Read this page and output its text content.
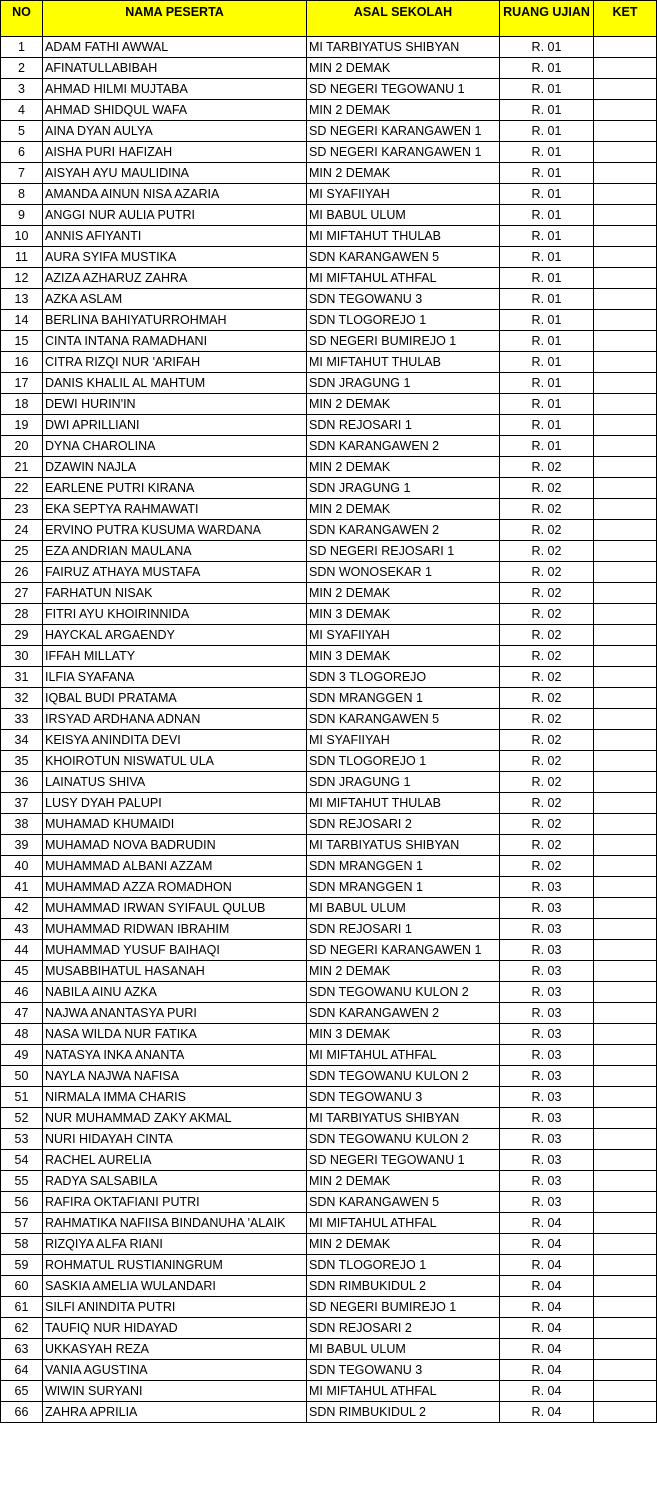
NO	NAMA PESERTA	ASAL SEKOLAH	RUANG UJIAN	KET
1	ADAM FATHI AWWAL	MI TARBIYATUS SHIBYAN	R. 01	
2	AFINATULLABIBAH	MIN 2 DEMAK	R. 01	
3	AHMAD HILMI MUJTABA	SD NEGERI TEGOWANU 1	R. 01	
4	AHMAD SHIDQUL WAFA	MIN 2 DEMAK	R. 01	
5	AINA DYAN AULYA	SD NEGERI KARANGAWEN 1	R. 01	
6	AISHA PURI HAFIZAH	SD NEGERI KARANGAWEN 1	R. 01	
7	AISYAH AYU MAULIDINA	MIN 2 DEMAK	R. 01	
8	AMANDA AINUN NISA AZARIA	MI SYAFIIYAH	R. 01	
9	ANGGI NUR AULIA PUTRI	MI BABUL ULUM	R. 01	
10	ANNIS AFIYANTI	MI MIFTAHUT THULAB	R. 01	
11	AURA SYIFA MUSTIKA	SDN KARANGAWEN 5	R. 01	
12	AZIZA AZHARUZ ZAHRA	MI MIFTAHUL ATHFAL	R. 01	
13	AZKA ASLAM	SDN TEGOWANU 3	R. 01	
14	BERLINA BAHIYATURROHMAH	SDN TLOGOREJO 1	R. 01	
15	CINTA INTANA RAMADHANI	SD NEGERI BUMIREJO 1	R. 01	
16	CITRA RIZQI NUR 'ARIFAH	MI MIFTAHUT THULAB	R. 01	
17	DANIS KHALIL AL MAHTUM	SDN JRAGUNG 1	R. 01	
18	DEWI HURIN'IN	MIN 2 DEMAK	R. 01	
19	DWI APRILLIANI	SDN REJOSARI 1	R. 01	
20	DYNA CHAROLINA	SDN KARANGAWEN 2	R. 01	
21	DZAWIN NAJLA	MIN 2 DEMAK	R. 02	
22	EARLENE PUTRI KIRANA	SDN JRAGUNG 1	R. 02	
23	EKA SEPTYA RAHMAWATI	MIN 2 DEMAK	R. 02	
24	ERVINO PUTRA KUSUMA WARDANA	SDN KARANGAWEN 2	R. 02	
25	EZA ANDRIAN MAULANA	SD NEGERI REJOSARI 1	R. 02	
26	FAIRUZ ATHAYA MUSTAFA	SDN WONOSEKAR 1	R. 02	
27	FARHATUN NISAK	MIN 2 DEMAK	R. 02	
28	FITRI AYU KHOIRINNIDA	MIN 3 DEMAK	R. 02	
29	HAYCKAL ARGAENDY	MI SYAFIIYAH	R. 02	
30	IFFAH MILLATY	MIN 3 DEMAK	R. 02	
31	ILFIA SYAFANA	SDN 3 TLOGOREJO	R. 02	
32	IQBAL BUDI PRATAMA	SDN MRANGGEN 1	R. 02	
33	IRSYAD ARDHANA ADNAN	SDN KARANGAWEN 5	R. 02	
34	KEISYA ANINDITA DEVI	MI SYAFIIYAH	R. 02	
35	KHOIROTUN NISWATUL ULA	SDN TLOGOREJO 1	R. 02	
36	LAINATUS SHIVA	SDN JRAGUNG 1	R. 02	
37	LUSY DYAH PALUPI	MI MIFTAHUT THULAB	R. 02	
38	MUHAMAD KHUMAIDI	SDN REJOSARI 2	R. 02	
39	MUHAMAD NOVA BADRUDIN	MI TARBIYATUS SHIBYAN	R. 02	
40	MUHAMMAD ALBANI AZZAM	SDN MRANGGEN 1	R. 02	
41	MUHAMMAD AZZA ROMADHON	SDN MRANGGEN 1	R. 03	
42	MUHAMMAD IRWAN SYIFAUL QULUB	MI BABUL ULUM	R. 03	
43	MUHAMMAD RIDWAN IBRAHIM	SDN REJOSARI 1	R. 03	
44	MUHAMMAD YUSUF BAIHAQI	SD NEGERI KARANGAWEN 1	R. 03	
45	MUSABBIHATUL HASANAH	MIN 2 DEMAK	R. 03	
46	NABILA AINU AZKA	SDN TEGOWANU KULON 2	R. 03	
47	NAJWA ANANTASYA PURI	SDN KARANGAWEN 2	R. 03	
48	NASA WILDA NUR FATIKA	MIN 3 DEMAK	R. 03	
49	NATASYA INKA ANANTA	MI MIFTAHUL ATHFAL	R. 03	
50	NAYLA NAJWA NAFISA	SDN TEGOWANU KULON 2	R. 03	
51	NIRMALA IMMA CHARIS	SDN TEGOWANU 3	R. 03	
52	NUR MUHAMMAD ZAKY AKMAL	MI TARBIYATUS SHIBYAN	R. 03	
53	NURI HIDAYAH CINTA	SDN TEGOWANU KULON 2	R. 03	
54	RACHEL AURELIA	SD NEGERI TEGOWANU 1	R. 03	
55	RADYA SALSABILA	MIN 2 DEMAK	R. 03	
56	RAFIRA OKTAFIANI PUTRI	SDN KARANGAWEN 5	R. 03	
57	RAHMATIKA NAFIISA BINDANUHA 'ALAIK	MI MIFTAHUL ATHFAL	R. 04	
58	RIZQIYA ALFA RIANI	MIN 2 DEMAK	R. 04	
59	ROHMATUL RUSTIANINGRUM	SDN TLOGOREJO 1	R. 04	
60	SASKIA AMELIA WULANDARI	SDN RIMBUKIDUL 2	R. 04	
61	SILFI ANINDITA PUTRI	SD NEGERI BUMIREJO 1	R. 04	
62	TAUFIQ NUR HIDAYAD	SDN REJOSARI 2	R. 04	
63	UKKASYAH REZA	MI BABUL ULUM	R. 04	
64	VANIA AGUSTINA	SDN TEGOWANU 3	R. 04	
65	WIWIN SURYANI	MI MIFTAHUL ATHFAL	R. 04	
66	ZAHRA APRILIA	SDN RIMBUKIDUL 2	R. 04	
